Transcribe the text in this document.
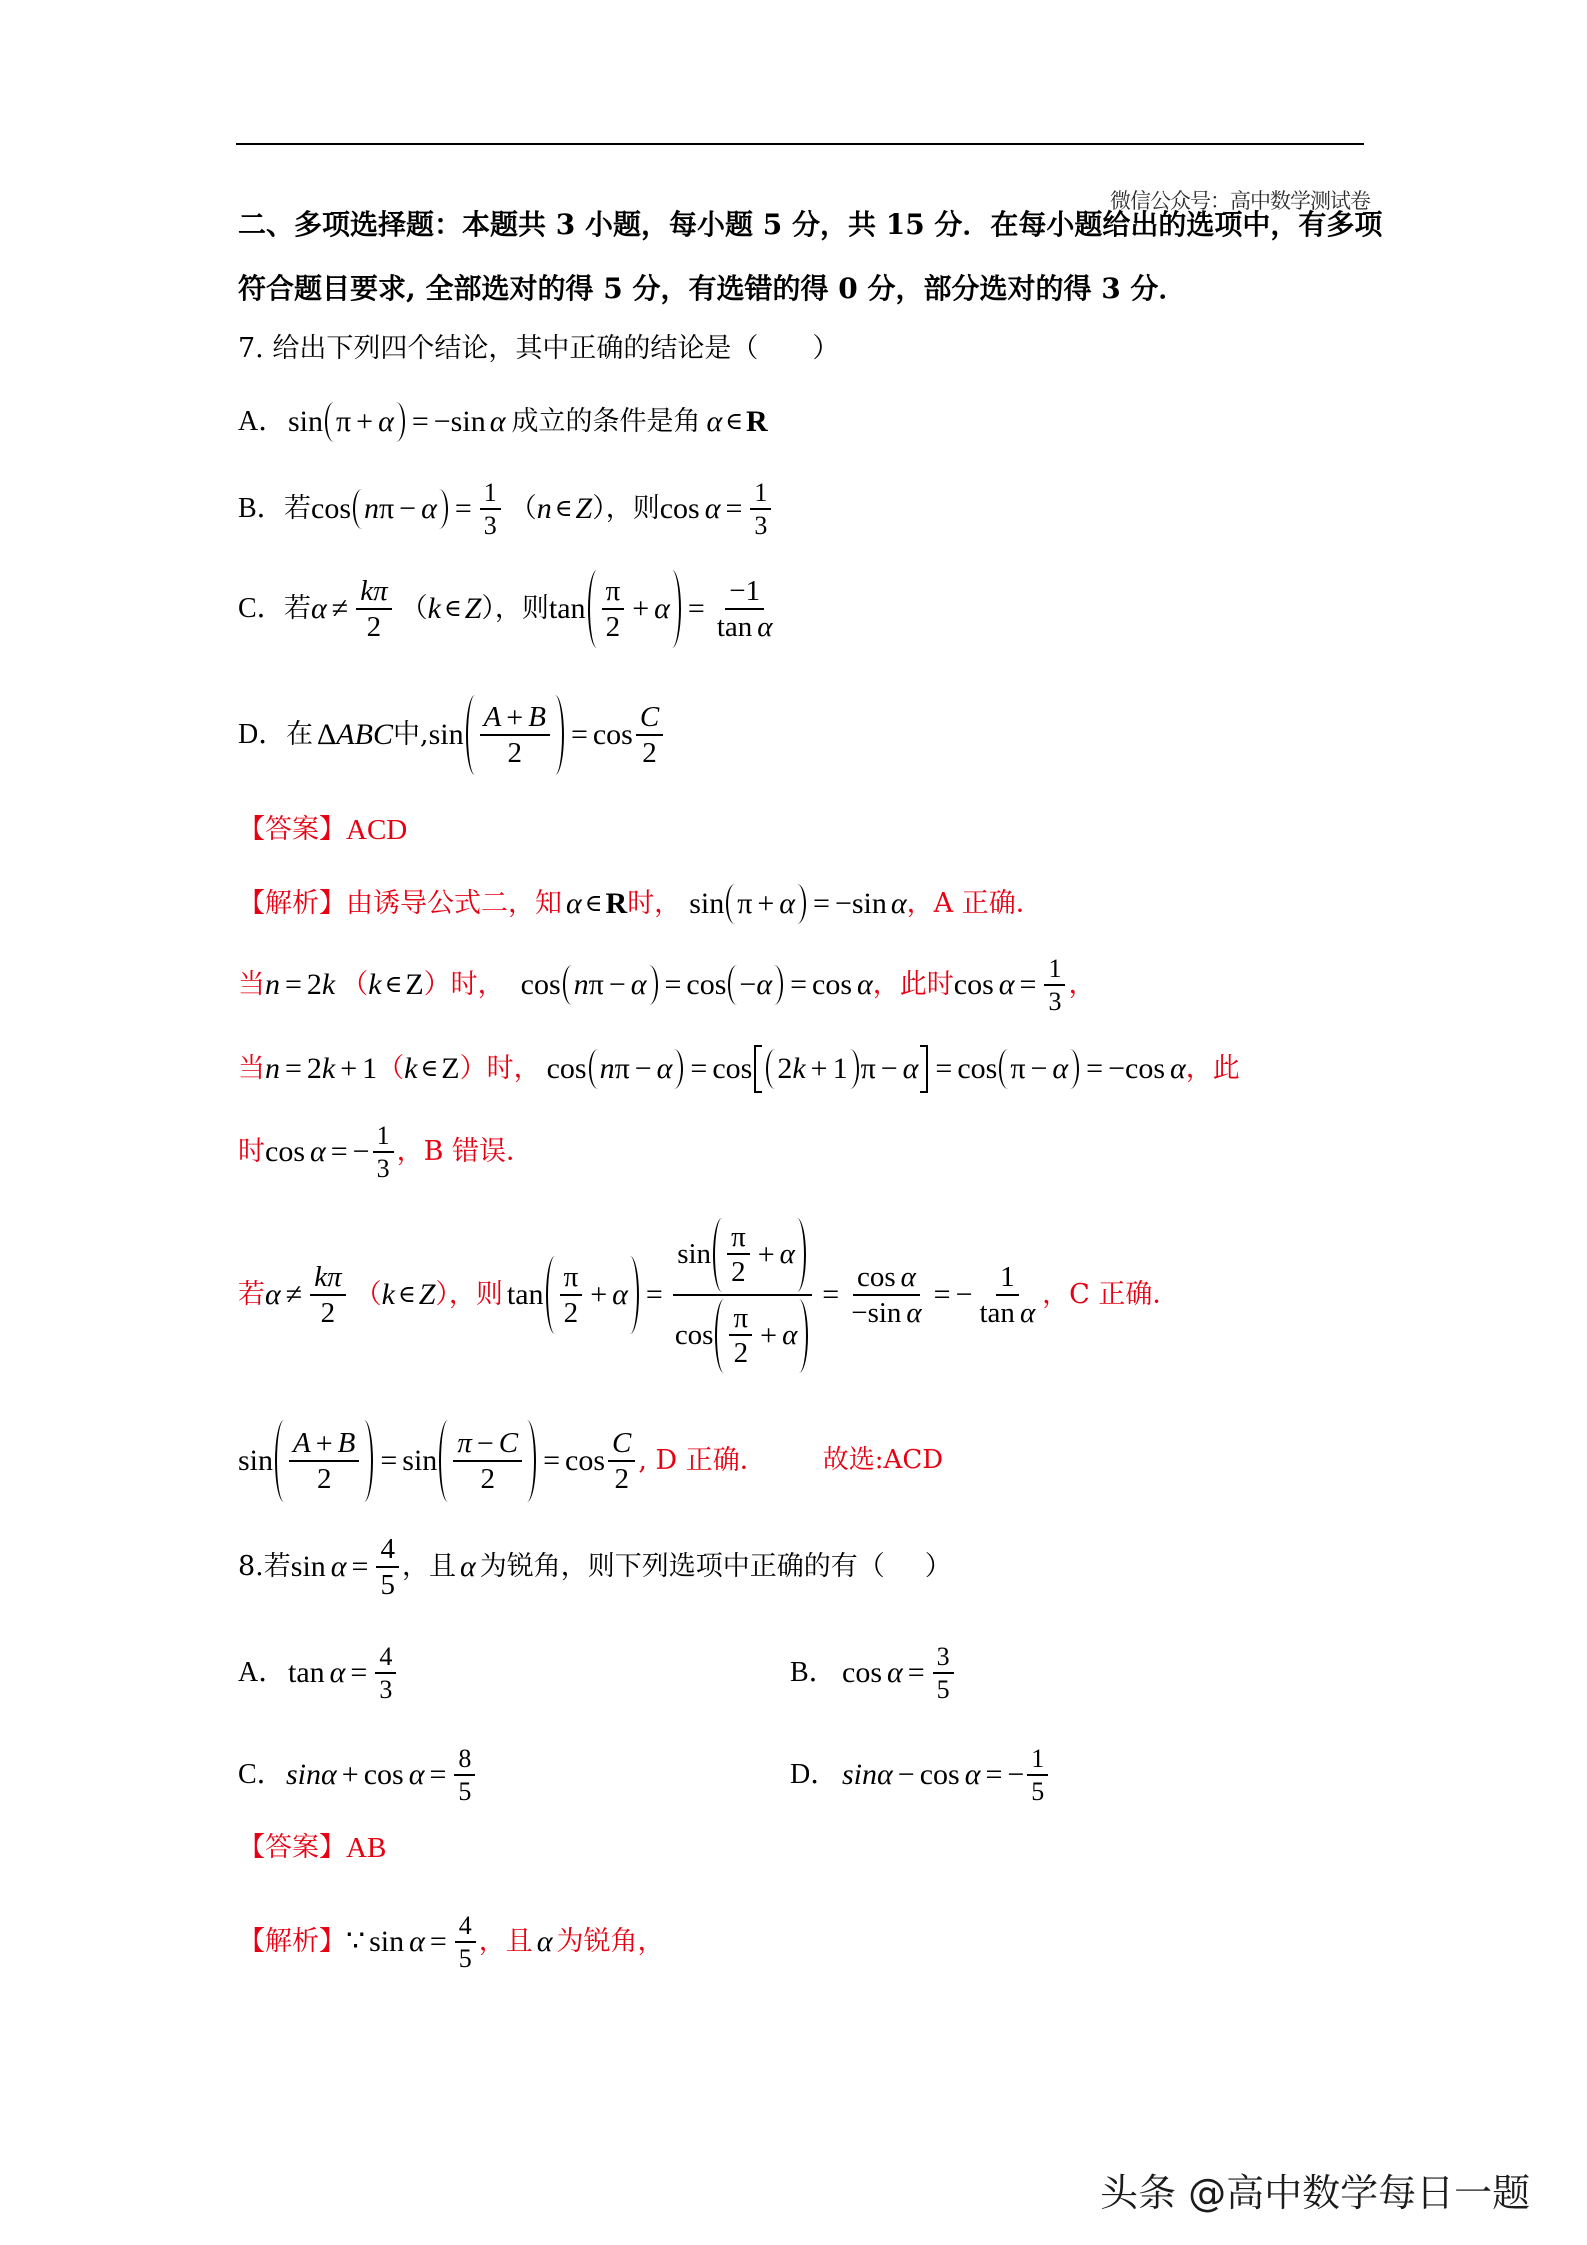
微信公众号：高中数学测试卷
二、多项选择题：本题共 3 小题，每小题 5 分，共 15 分．在每小题给出的选项中，有多项
符合题目要求, 全部选对的得 5 分，有选错的得 0 分，部分选对的得 3 分．
7. 给出下列四个结论，其中正确的结论是（　　）
A． sin π + α = −sin α 成立的条件是角 α ∈ R
B． 若 cos n $\pi - \alpha = \frac{1}{3}$ （ n ∈ Z ）， 则 $\cos \alpha = \frac{1}{3}$
C． 若 $\alpha \ne \frac{k\pi}{2}$ （ k ∈ Z ）， 则 $\tan \frac{\pi}{2} + \alpha = \frac{-1}{\text{tan α}}$
D． 在 Δ ABC 中, $\sin \frac{A + B}{2} = \cos \frac{C}{2}$
【答案】 ACD
【解析】 由诱导公式二，知 α ∈ R 时， sin π + α = −sin α ，A 正确．
当 n = 2 k （ k ∈ Z ）时， cos n π − α = cos − α = cos α ，此时 $\cos \alpha = \frac{1}{3}$ ，
当 n = 2 k + 1 （ k ∈ Z ）时， cos n π − α = cos 2 k + 1 π − α = cos π − α = −cos α ，此
时 cos α = − $\frac{1}{3}$ ，B 错误．
若 $\alpha \ne \frac{k\pi}{2}$ （ k ∈ Z ），则 $\tan \frac{\pi}{2} + \alpha$ =
$\sin \frac{\pi}{2} + \alpha$
$\cos \frac{\pi}{2} + \alpha$
= $\frac{\text{cos α}}{\text{−sin α}}$ = − $\frac{1}{\text{tan α}}$ ，C 正确．
$\sin \frac{A + B}{2} = \sin \frac{\pi - C}{2} = \cos \frac{C}{2}$ , D 正确． 故选:ACD
8. 若 $\sin \alpha = \frac{4}{5}$ ，且 α 为锐角，则下列选项中正确的有（ ）
A． $\tan \alpha = \frac{4}{3}$	B． $\cos \alpha = \frac{3}{5}$
C． $\sin\alpha + \cos \alpha = \frac{8}{5}$	D． sinα − cos α = − $\frac{1}{5}$
【答案】 AB
【解析】 ∵ $\sin \alpha = \frac{4}{5}$ ，且 α 为锐角，
头条 @高中数学每日一题
